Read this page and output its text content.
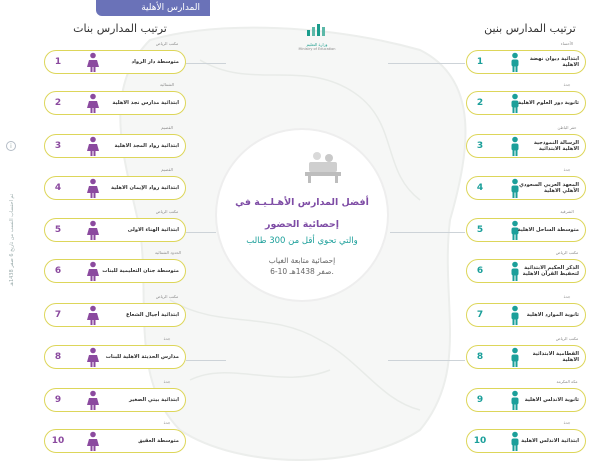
المدارس الأهلية
ترتيب المدارس بنات	ترتيب المدارس بنين
وزارة التعليم
Ministry of Education
i
تم احتساب النسب من تاريخ 6 صفر 1438هـ
مكتب الرياض
1	متوسطة دار الرواد
الشمالية
2	ابتدائية مدارس نجد الاهلية
القصيم
3	ابتدائية رواد المجد الاهلية
القصيم
4	ابتدائية رواد الإيمان الاهلية
مكتب الرياض
5	ابتدائية الهناء الاولى
الحدود الشمالية
6	متوسطة جنان التعليمية للبنات
مكتب الرياض
7	ابتدائية أجيال الشعاع
جدة
8	مدارس الحديثة الاهلية للبنات
جدة
9	ابتدائية بيتي الصغير
جدة
10	متوسطة العقيق
الأحساء
1	ابتدائية ديوان نهضة الاهلية
جدة
2	ثانوية دور العلوم الاهلية
حفر الباطن
3	الرسالة النموذجية الاهلية الابتدائية
جدة
4	المعهد العربي السعودي الأهلي الاهلية
الشرقية
5	متوسطة الساحل الاهلية
مكتب الرياض
6	الذكر الحكيم الابتدائية لتحفيظ القرآن الاهلية
جدة
7	ثانوية الموارد الاهلية
مكتب الرياض
8	القطامية الابتدائية الاهلية
مكة المكرمة
9	ثانوية الاندلس الاهلية
جدة
10	ابتدائية الاندلس الاهلية
أفضل المدارس الأهـلـيـة في
إحصائية الحضور
والتي تحوي أقل من 300 طالب
إحصائية متابعة الغياب
6-10 صفر 1438هـ.
